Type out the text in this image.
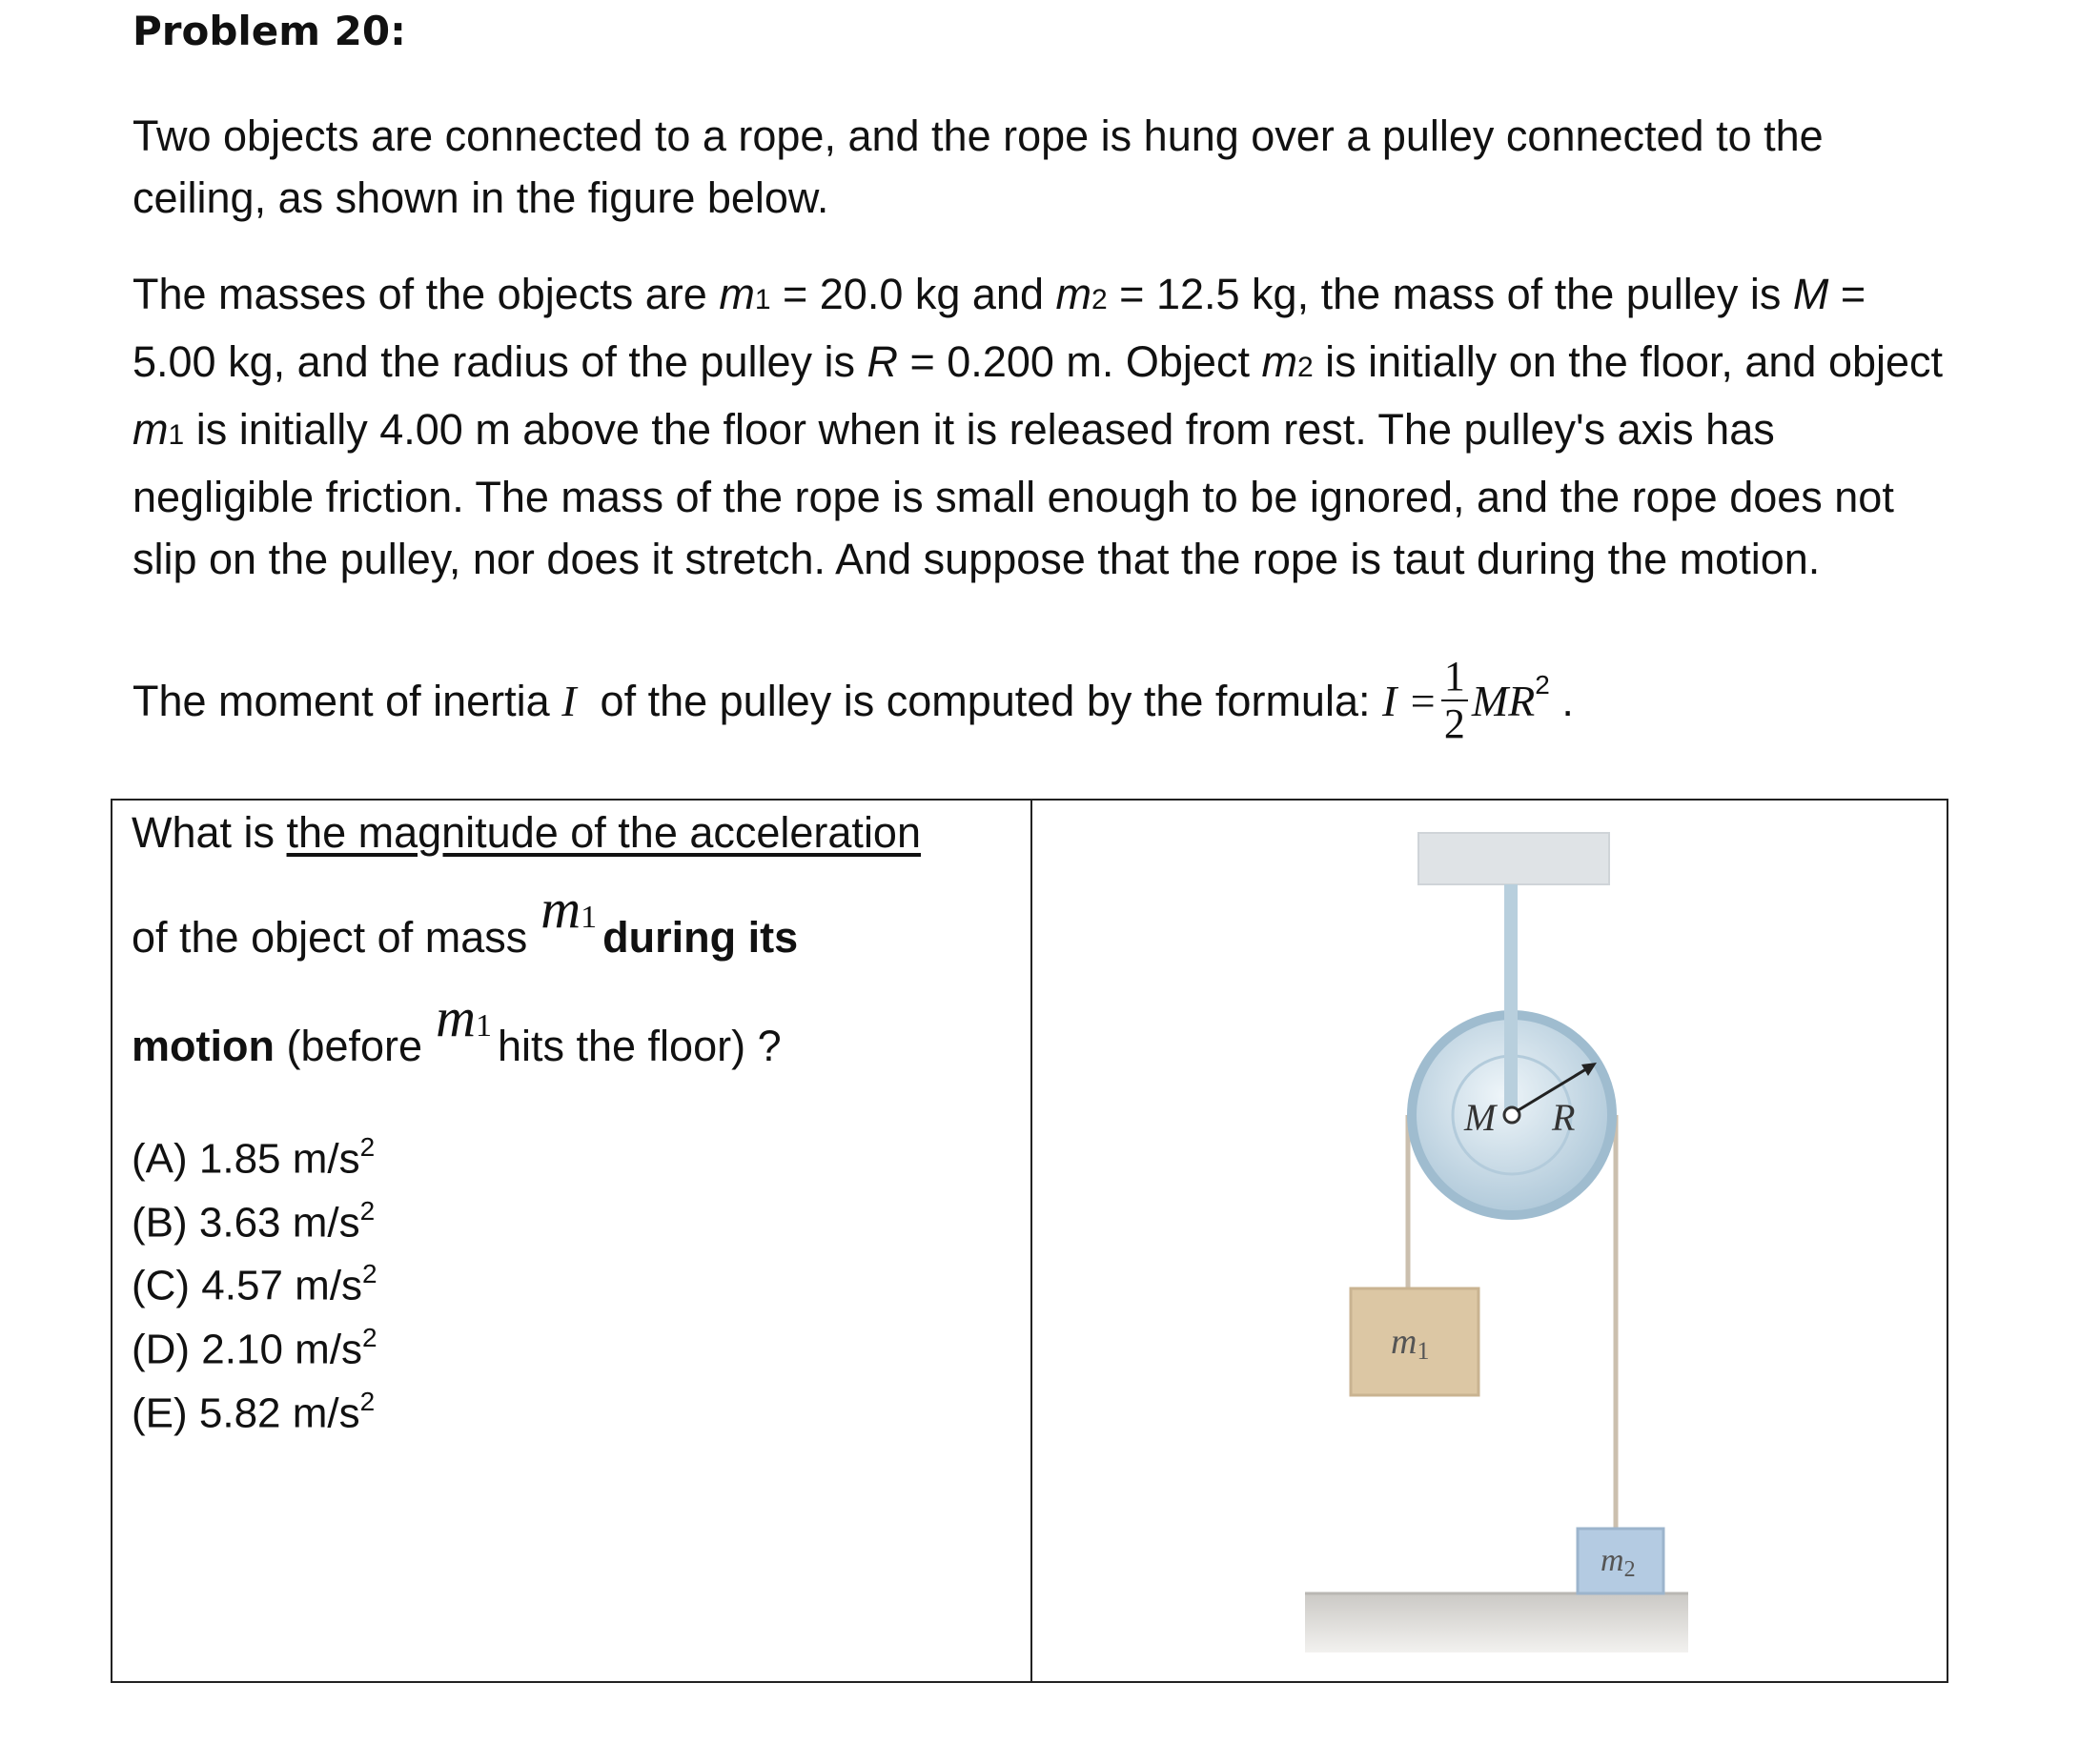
Problem 20:
Two objects are connected to a rope, and the rope is hung over a pulley connected to the ceiling, as shown in the figure below.
The masses of the objects are m1 = 20.0 kg and m2 = 12.5 kg, the mass of the pulley is M = 5.00 kg, and the radius of the pulley is R = 0.200 m. Object m2 is initially on the floor, and object m1 is initially 4.00 m above the floor when it is released from rest. The pulley's axis has negligible friction. The mass of the rope is small enough to be ignored, and the rope does not slip on the pulley, nor does it stretch. And suppose that the rope is taut during the motion.
The moment of inertia I  of the pulley is computed by the formula: $I = \frac{1}{2} MR^2$ .
What is the magnitude of the acceleration
of the object of mass m1 during its
motion (before m1 hits the floor) ?
(A) 1.85 $m/s^2$
(B) 3.63 $m/s^2$
(C) 4.57 $m/s^2$
(D) 2.10 $m/s^2$
(E) 5.82 $m/s^2$

M R
m1
m2
